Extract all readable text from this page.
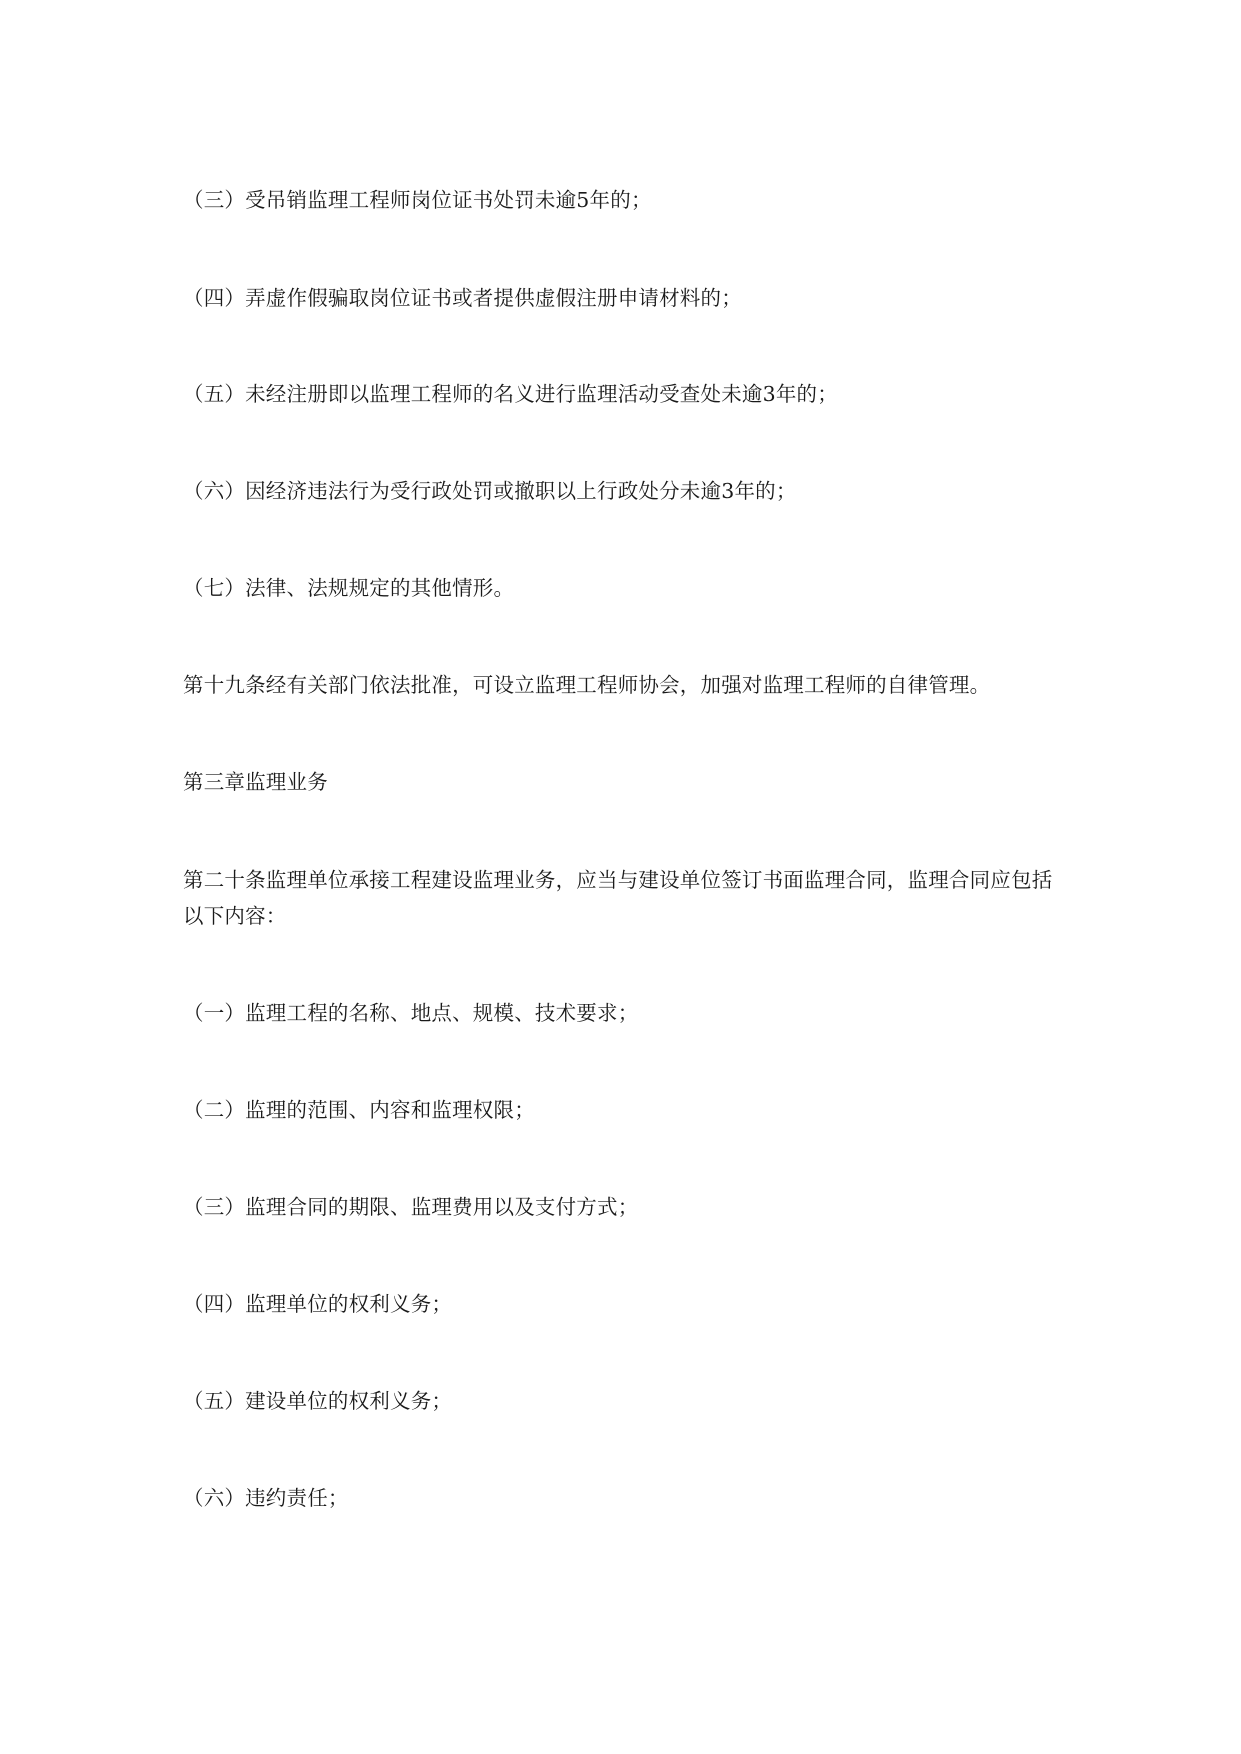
（三）受吊销监理工程师岗位证书处罚未逾5年的；

（四）弄虚作假骗取岗位证书或者提供虚假注册申请材料的；

（五）未经注册即以监理工程师的名义进行监理活动受查处未逾3年的；

（六）因经济违法行为受行政处罚或撤职以上行政处分未逾3年的；

（七）法律、法规规定的其他情形。

第十九条经有关部门依法批准，可设立监理工程师协会，加强对监理工程师的自律管理。

第三章监理业务

第二十条监理单位承接工程建设监理业务，应当与建设单位签订书面监理合同，监理合同应包括以下内容：

（一）监理工程的名称、地点、规模、技术要求；

（二）监理的范围、内容和监理权限；

（三）监理合同的期限、监理费用以及支付方式；

（四）监理单位的权利义务；

（五）建设单位的权利义务；

（六）违约责任；
